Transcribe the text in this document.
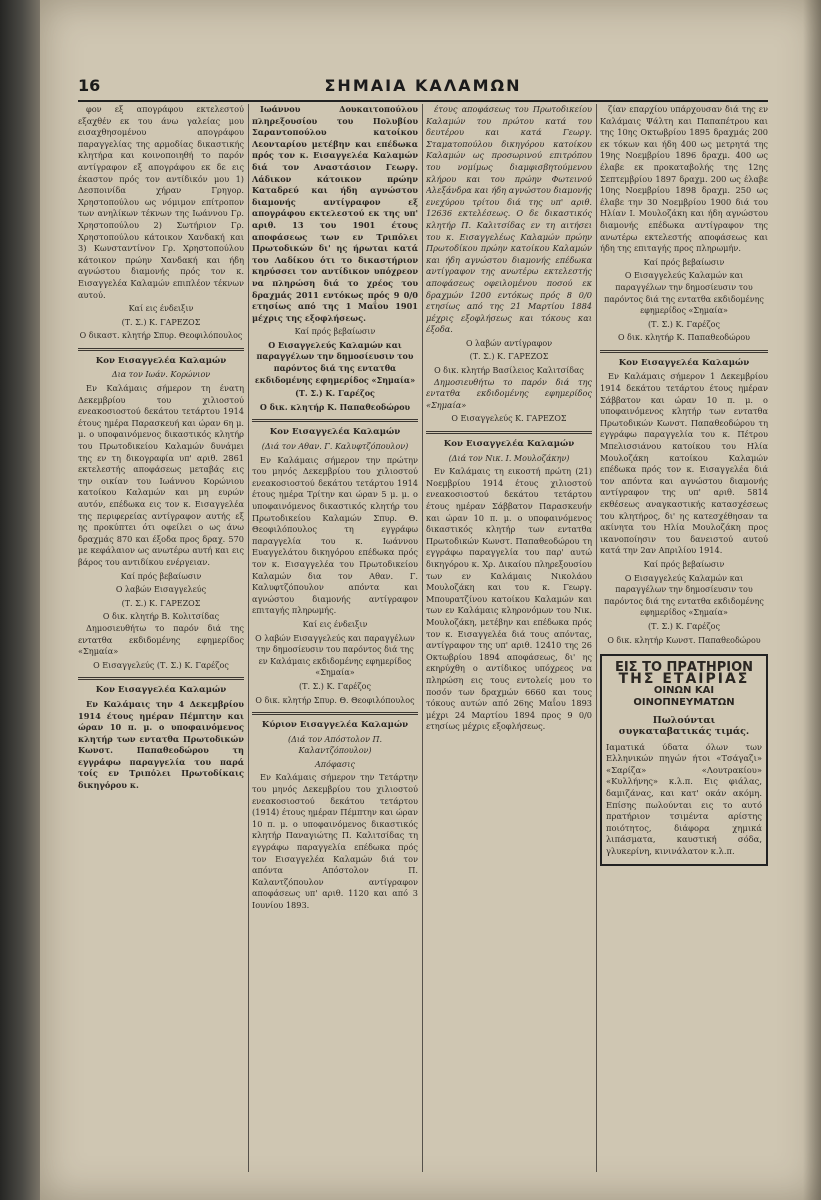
16	ΣΗΜΑΙΑ ΚΑΛΑΜΩΝ
φον εξ απογράφου εκτελεστού εξαχθέν εκ του άνω γαλείας μου εισαχθησομένου απογράφου παραγγελίας της αρμοδίας δικαστικής κλητήρα και κοινοποιηθή το παρόν αντίγραφον εξ απογράφου εκ δε εις έκαστον πρός τον αντίδικόν μου 1) Δεσποινίδα χήραν Γρηγορ. Χρηστοπούλου ως νόμιμον επίτροπον των ανηλίκων τέκνων της Ιωάννου Γρ. Χρηστοπούλου 2) Σωτήριον Γρ. Χρηστοπούλου κάτοικον Χανδακή και 3) Κωνσταντίνον Γρ. Χρηστοπούλου κάτοικον πρώην Χανδακή και ήδη αγνώστου διαμονής πρός τον κ. Εισαγγελέα Καλαμών επιπλέον τέκνων αυτού.
Καί εις ένδειξιν
(Τ. Σ.) Κ. ΓΑΡΕΖΟΣ
Ο δικαστ. κλητήρ Σπυρ. Θεοφιλόπουλος
Κον Εισαγγελέα Καλαμών
Δια τον Ιωάν. Κορώνιον
Εν Καλάμαις σήμερον τη ένατη Δεκεμβρίου του χιλιοστού ενεακοσιοστού δεκάτου τετάρτου 1914 έτους ημέρα Παρασκευή και ώραν 6η μ. μ. ο υποφαινόμενος δικαστικός κλητήρ του Πρωτοδικείου Καλαμών δυνάμει της εν τη δικογραφία υπ' αριθ. 2861 εκτελεστής αποφάσεως μεταβάς εις την οικίαν του Ιωάννου Κορώνιου κατοίκου Καλαμών και μη ευρών αυτόν, επέδωκα εις τον κ. Εισαγγελέα της περιφερείας αντίγραφον αυτής εξ ης προκύπτει ότι οφείλει ο ως άνω δραχμάς 870 και έξοδα προς δραχ. 570 με κεφάλαιον ως ανωτέρω αυτή και εις βάρος του αντιδίκου ενέργειαν.
Καί πρός βεβαίωσιν
Ο λαβών Εισαγγελεύς
(Τ. Σ.) Κ. ΓΑΡΕΖΟΣ
Ο δικ. κλητήρ Β. Κολιτσίδας
Δημοσιευθήτω το παρόν διά της εντατθα εκδιδομένης εφημερίδος «Σημαία»
Ο Εισαγγελεύς (Τ. Σ.) Κ. Γαρέζος
Κον Εισαγγελέα Καλαμών
Εν Καλάμαις την 4 Δεκεμβρίου 1914 έτους ημέραν Πέμπτην και ώραν 10 π. μ. ο υποφαινόμενος κλητήρ των εντατθα Πρωτοδικών Κωνστ. Παπαθεοδώρου τη εγγράφω παραγγελία του παρά τοίς εν Τριπόλει Πρωτοδίκαις δικηγόρου κ.
Ιωάννου Δουκαιτοπούλου πληρεξουσίου του Πολυβίου Σαραντοπούλου κατοίκου Λεονταρίου μετέβην και επέδωκα πρός τον κ. Εισαγγελέα Καλαμών διά τον Αναστάσιον Γεωργ. Λάδικον κάτοικον πρώην Καταδρεύ και ήδη αγνώστου διαμονής αντίγραφον εξ απογράφου εκτελεστού εκ της υπ' αριθ. 13 του 1901 έτους αποφάσεως των εν Τριπόλει Πρωτοδικών δι' ης ήρωται κατά του Λαδίκου ότι το δικαστήριον κηρύσσει τον αντίδικον υπόχρεον να πληρώση διά το χρέος του δραχμάς 2011 εντόκως πρός 9 0/0 ετησίως από της 1 Μαΐου 1901 μέχρις της εξοφλήσεως.
Καί πρός βεβαίωσιν
Ο Εισαγγελεύς Καλαμών και παραγγέλων την δημοσίευσιν του παρόντος διά της εντατθα εκδιδομένης εφημερίδος «Σημαία»
(Τ. Σ.) Κ. Γαρέζος
Ο δικ. κλητήρ Κ. Παπαθεοδώρου
Κον Εισαγγελέα Καλαμών
(Διά τον Αθαν. Γ. Καλυφτζόπουλον)
Εν Καλάμαις σήμερον την πρώτην του μηνός Δεκεμβρίου του χιλιοστού ενεακοσιοστού δεκάτου τετάρτου 1914 έτους ημέρα Τρίτην και ώραν 5 μ. μ. ο υποφαινόμενος δικαστικός κλητήρ του Πρωτοδικείου Καλαμών Σπυρ. Θ. Θεοφιλόπουλος τη εγγράφω παραγγελία του κ. Ιωάννου Ευαγγελάτου δικηγόρου επέδωκα πρός τον κ. Εισαγγελέα του Πρωτοδικείου Καλαμών δια τον Αθαν. Γ. Καλυφτζόπουλον απόντα και αγνώστου διαμονής αντίγραφον επιταγής πληρωμής.
Καί εις ένδειξιν
Ο λαβών Εισαγγελεύς και παραγγέλων την δημοσίευσιν του παρόντος διά της εν Καλάμαις εκδιδομένης εφημερίδος «Σημαία»
(Τ. Σ.) Κ. Γαρέζος
Ο δικ. κλητήρ Σπυρ. Θ. Θεοφιλόπουλος
Κύριον Εισαγγελέα Καλαμών
(Διά τον Απόστολον Π. Καλαντζόπουλον)
Απόφασις
Εν Καλάμαις σήμερον την Τετάρτην του μηνός Δεκεμβρίου του χιλιοστού ενεακοσιοστού δεκάτου τετάρτου (1914) έτους ημέραν Πέμπτην και ώραν 10 π. μ. ο υποφαινόμενος δικαστικός κλητήρ Παναγιώτης Π. Καλιτσίδας τη εγγράφω παραγγελία επέδωκα πρός τον Εισαγγελέα Καλαμών διά τον απόντα Απόστολον Π. Καλαντζόπουλον αντίγραφον αποφάσεως υπ' αριθ. 1120 και από 3 Ιουνίου 1893.
έτους αποφάσεως του Πρωτοδικείου Καλαμών του πρώτου κατά του δευτέρου και κατά Γεωργ. Σταματοπούλου δικηγόρου κατοίκου Καλαμών ως προσωρινού επιτρόπου του νομίμως διαμφισβητούμενου κλήρου και του πρώην Φωτεινού Αλεξάνδρα και ήδη αγνώστου διαμονής ενεχύρου τρίτου διά της υπ' αριθ. 12636 εκτελέσεως. Ο δε δικαστικός κλητήρ Π. Καλιτσίδας εν τη αιτήσει του κ. Εισαγγελέως Καλαμών πρώην Πρωτοδίκου πρώην κατοίκου Καλαμών και ήδη αγνώστου διαμονής επέδωκα αντίγραφον της ανωτέρω εκτελεστής αποφάσεως οφειλομένου ποσού εκ δραχμών 1200 εντόκως πρός 8 0/0 ετησίως από της 21 Μαρτίου 1884 μέχρις εξοφλήσεως και τόκους και έξοδα.
Ο λαβών αντίγραφον
(Τ. Σ.) Κ. ΓΑΡΕΖΟΣ
Ο δικ. κλητήρ Βασίλειος Καλιτσίδας
Δημοσιευθήτω το παρόν διά της εντατθα εκδιδομένης εφημερίδος «Σημαία»
Ο Εισαγγελεύς Κ. ΓΑΡΕΖΟΣ
Κον Εισαγγελέα Καλαμών
(Διά τον Νικ. Ι. Μουλοζάκην)
Εν Καλάμαις τη εικοστή πρώτη (21) Νοεμβρίου 1914 έτους χιλιοστού ενεακοσιοστού δεκάτου τετάρτου έτους ημέραν Σάββατον Παρασκευήν και ώραν 10 π. μ. ο υποφαινόμενος δικαστικός κλητήρ των εντατθα Πρωτοδικών Κωνστ. Παπαθεοδώρου τη εγγράφω παραγγελία του παρ' αυτώ δικηγόρου κ. Χρ. Δικαίου πληρεξουσίου των εν Καλάμαις Νικολάου Μουλοζάκη και του κ. Γεωργ. Μπουρατζίνου κατοίκου Καλαμών και των εν Καλάμαις κληρονόμων του Νικ. Μουλοζάκη, μετέβην και επέδωκα πρός τον κ. Εισαγγελέα διά τους απόντας, αντίγραφον της υπ' αριθ. 12410 της 26 Οκτωβρίου 1894 αποφάσεως, δι' ης εκηρύχθη ο αντίδικος υπόχρεος να πληρώση εις τους εντολείς μου το ποσόν των δραχμών 6660 και τους τόκους αυτών από 26ης Μαΐου 1893 μέχρι 24 Μαρτίου 1894 προς 9 0/0 ετησίως μέχρις εξοφλήσεως.
ζίαν επαρχίου υπάρχουσαν διά της εν Καλάμαις Ψάλτη και Παπαπέτρου και της 10ης Οκτωβρίου 1895 δραχμάς 200 εκ τόκων και ήδη 400 ως μετρητά της 19ης Νοεμβρίου 1896 δραχμ. 400 ως έλαβε εκ προκαταβολής της 12ης Σεπτεμβρίου 1897 δραχμ. 200 ως έλαβε 10ης Νοεμβρίου 1898 δραχμ. 250 ως έλαβε την 30 Νοεμβρίου 1900 διά του Ηλίαν Ι. Μουλοζάκη και ήδη αγνώστου διαμονής επέδωκα αντίγραφον της ανωτέρω εκτελεστής αποφάσεως και ήδη της επιταγής προς πληρωμήν.
Καί πρός βεβαίωσιν
Ο Εισαγγελεύς Καλαμών και παραγγέλων την δημοσίευσιν του παρόντος διά της εντατθα εκδιδομένης εφημερίδος «Σημαία»
(Τ. Σ.) Κ. Γαρέζος
Ο δικ. κλητήρ Κ. Παπαθεοδώρου
Κον Εισαγγελέα Καλαμών
Εν Καλάμαις σήμερον 1 Δεκεμβρίου 1914 δεκάτου τετάρτου έτους ημέραν Σάββατον και ώραν 10 π. μ. ο υποφαινόμενος κλητήρ των εντατθα Πρωτοδικών Κωνστ. Παπαθεοδώρου τη εγγράφω παραγγελία του κ. Πέτρου Μπελισσιάνου κατοίκου του Ηλία Μουλοζάκη κατοίκου Καλαμών επέδωκα πρός τον κ. Εισαγγελέα διά τον απόντα και αγνώστου διαμονής αντίγραφον της υπ' αριθ. 5814 εκθέσεως αναγκαστικής κατασχέσεως του κλητήρος, δι' ης κατεσχέθησαν τα ακίνητα του Ηλία Μουλοζάκη προς ικανοποίησιν του δανειστού αυτού κατά την 2αν Απριλίου 1914.
Καί πρός βεβαίωσιν
Ο Εισαγγελεύς Καλαμών και παραγγέλων την δημοσίευσιν του παρόντος διά της εντατθα εκδιδομένης εφημερίδος «Σημαία»
(Τ. Σ.) Κ. Γαρέζος
Ο δικ. κλητήρ Κωνστ. Παπαθεοδώρου
ΕΙΣ ΤΟ ΠΡΑΤΗΡΙΟΝ
ΤΗΣ ΕΤΑΙΡΙΑΣ
ΟΙΝΩΝ ΚΑΙ ΟΙΝΟΠΝΕΥΜΑΤΩΝ
Πωλούνται συγκαταβατικάς τιμάς.
Ιαματικά ύδατα όλων των Ελληνικών πηγών ήτοι «Τσάγαζι» «Σαρίζα» «Λουτρακίου» «Κυλλήνης» κ.λ.π. Εις φιάλας, δαμιζάνας, και κατ' οκάν ακόμη. Επίσης πωλούνται εις το αυτό πρατήριον τσιμέντα αρίστης ποιότητος, διάφορα χημικά λιπάσματα, καυστική σόδα, γλυκερίνη, κινινάλατον κ.λ.π.
